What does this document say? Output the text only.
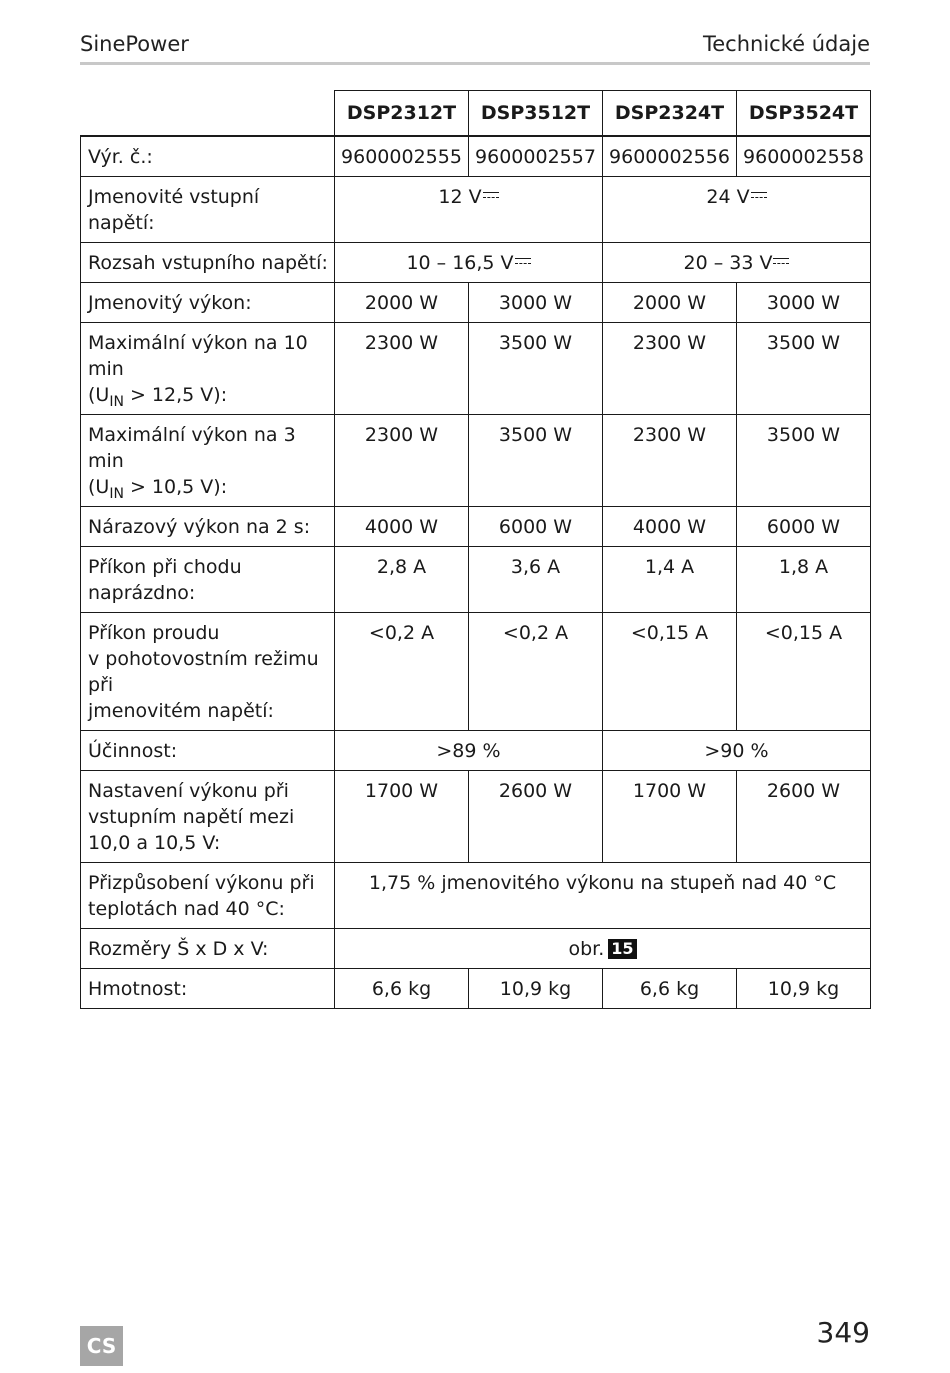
SinePower	Technické údaje
	DSP2312T	DSP3512T	DSP2324T	DSP3524T
Výr. č.:	9600002555	9600002557	9600002556	9600002558
Jmenovité vstupní napětí:	12 V		24 V	
Rozsah vstupního napětí:	10 – 16,5 V		20 – 33 V	
Jmenovitý výkon:	2000 W	3000 W	2000 W	3000 W
Maximální výkon na 10 min
($U_{IN} > 12,5$ V):	2300 W	3500 W	2300 W	3500 W
Maximální výkon na 3 min
($U_{IN} > 10,5$ V):	2300 W	3500 W	2300 W	3500 W
Nárazový výkon na 2 s:	4000 W	6000 W	4000 W	6000 W
Příkon při chodu
naprázdno:	2,8 A	3,6 A	1,4 A	1,8 A
Příkon proudu
v pohotovostním režimu při
jmenovitém napětí:	<0,2 A	<0,2 A	<0,15 A	<0,15 A
Účinnost:	>89 %		>90 %	
Nastavení výkonu při
vstupním napětí mezi
10,0 a 10,5 V:	1700 W	2600 W	1700 W	2600 W
Přizpůsobení výkonu při
teplotách nad 40 °C:	1,75 % jmenovitého výkonu na stupeň nad 40 °C			
Rozměry Š x D x V:	obr. 15			
Hmotnost:	6,6 kg	10,9 kg	6,6 kg	10,9 kg
CS	349
